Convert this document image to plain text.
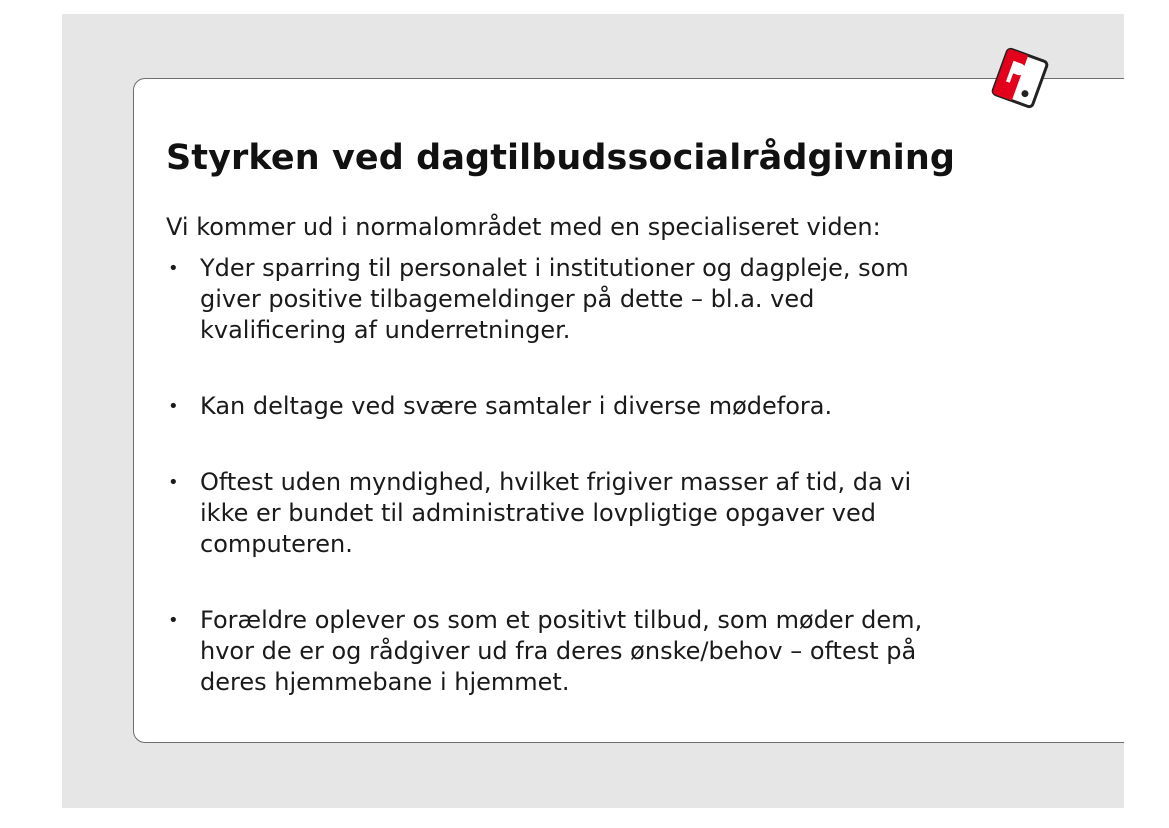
Styrken ved dagtilbudssocialrådgivning

Vi kommer ud i normalområdet med en specialiseret viden:

• Yder sparring til personalet i institutioner og dagpleje, som
giver positive tilbagemeldinger på dette – bl.a. ved
kvalificering af underretninger.
• Kan deltage ved svære samtaler i diverse mødefora.
• Oftest uden myndighed, hvilket frigiver masser af tid, da vi
ikke er bundet til administrative lovpligtige opgaver ved
computeren.
• Forældre oplever os som et positivt tilbud, som møder dem,
hvor de er og rådgiver ud fra deres ønske/behov – oftest på
deres hjemmebane i hjemmet.
